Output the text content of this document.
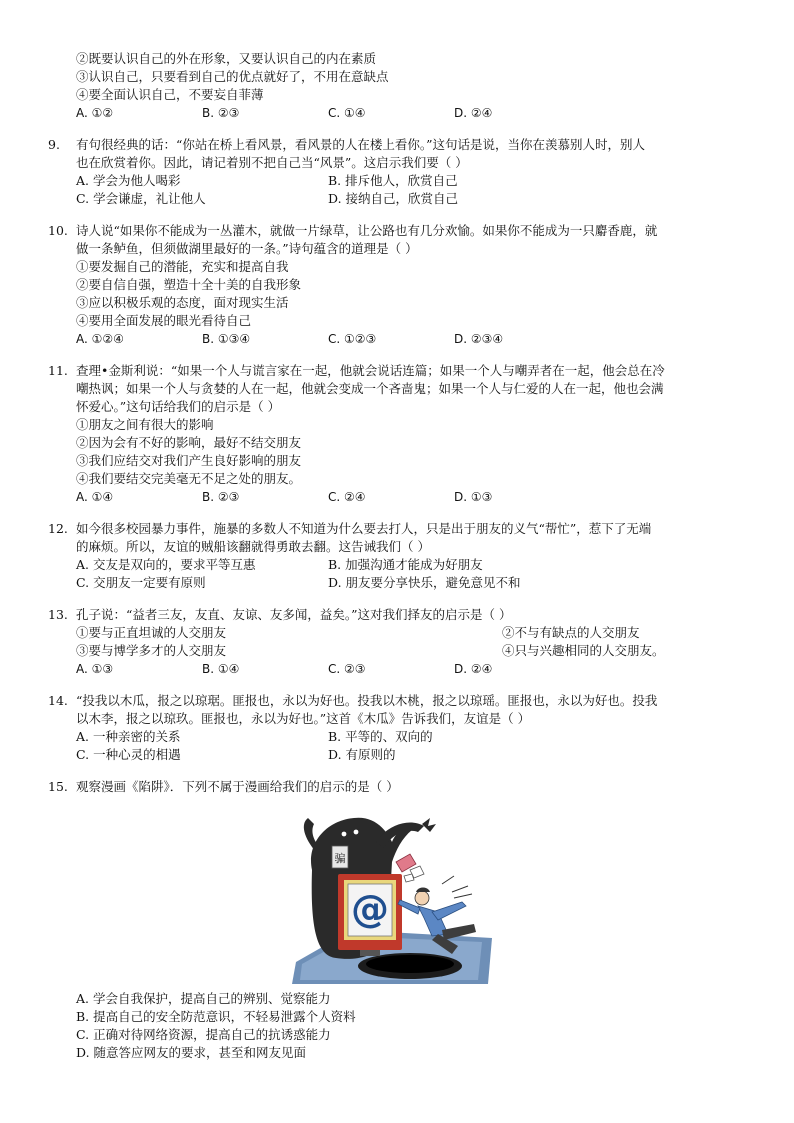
②既要认识自己的外在形象，又要认识自己的内在素质
③认识自己，只要看到自己的优点就好了，不用在意缺点
④要全面认识自己，不要妄自菲薄
A. ①②	B. ②③	C. ①④	D. ②④
9. 有句很经典的话：“你站在桥上看风景，看风景的人在楼上看你。”这句话是说，当你在羡慕别人时，别人
也在欣赏着你。因此，请记着别不把自己当“风景”。这启示我们要（ ）
A. 学会为他人喝彩	B. 排斥他人，欣赏自己
C. 学会谦虚，礼让他人	D. 接纳自己，欣赏自己
10. 诗人说“如果你不能成为一丛灌木，就做一片绿草，让公路也有几分欢愉。如果你不能成为一只麝香鹿，就
做一条鲈鱼，但须做湖里最好的一条。”诗句蕴含的道理是（ ）
①要发掘自己的潜能，充实和提高自我
②要自信自强，塑造十全十美的自我形象
③应以积极乐观的态度，面对现实生活
④要用全面发展的眼光看待自己
A. ①②④	B. ①③④	C. ①②③	D. ②③④
11. 查理•金斯利说：“如果一个人与谎言家在一起，他就会说话连篇；如果一个人与嘲弄者在一起，他会总在冷
嘲热讽；如果一个人与贪婪的人在一起，他就会变成一个吝啬鬼；如果一个人与仁爱的人在一起，他也会满
怀爱心。”这句话给我们的启示是（ ）
①朋友之间有很大的影响
②因为会有不好的影响，最好不结交朋友
③我们应结交对我们产生良好影响的朋友
④我们要结交完美毫无不足之处的朋友。
A. ①④	B. ②③	C. ②④	D. ①③
12. 如今很多校园暴力事件，施暴的多数人不知道为什么要去打人，只是出于朋友的义气“帮忙”，惹下了无端
的麻烦。所以，友谊的贼船该翻就得勇敢去翻。这告诫我们（ ）
A. 交友是双向的，要求平等互惠	B. 加强沟通才能成为好朋友
C. 交朋友一定要有原则	D. 朋友要分享快乐，避免意见不和
13. 孔子说：“益者三友，友直、友谅、友多闻，益矣。”这对我们择友的启示是（ ）
①要与正直坦诚的人交朋友	②不与有缺点的人交朋友
③要与博学多才的人交朋友	④只与兴趣相同的人交朋友。
A. ①③	B. ①④	C. ②③	D. ②④
14. “投我以木瓜，报之以琼琚。匪报也，永以为好也。投我以木桃，报之以琼瑶。匪报也，永以为好也。投我
以木李，报之以琼玖。匪报也，永以为好也。”这首《木瓜》告诉我们，友谊是（ ）
A. 一种亲密的关系	B. 平等的、双向的
C. 一种心灵的相遇	D. 有原则的
15. 观察漫画《陷阱》．下列不属于漫画给我们的启示的是（ ）
骗
@
A. 学会自我保护，提高自己的辨别、觉察能力
B. 提高自己的安全防范意识，不轻易泄露个人资料
C. 正确对待网络资源，提高自己的抗诱惑能力
D. 随意答应网友的要求，甚至和网友见面
